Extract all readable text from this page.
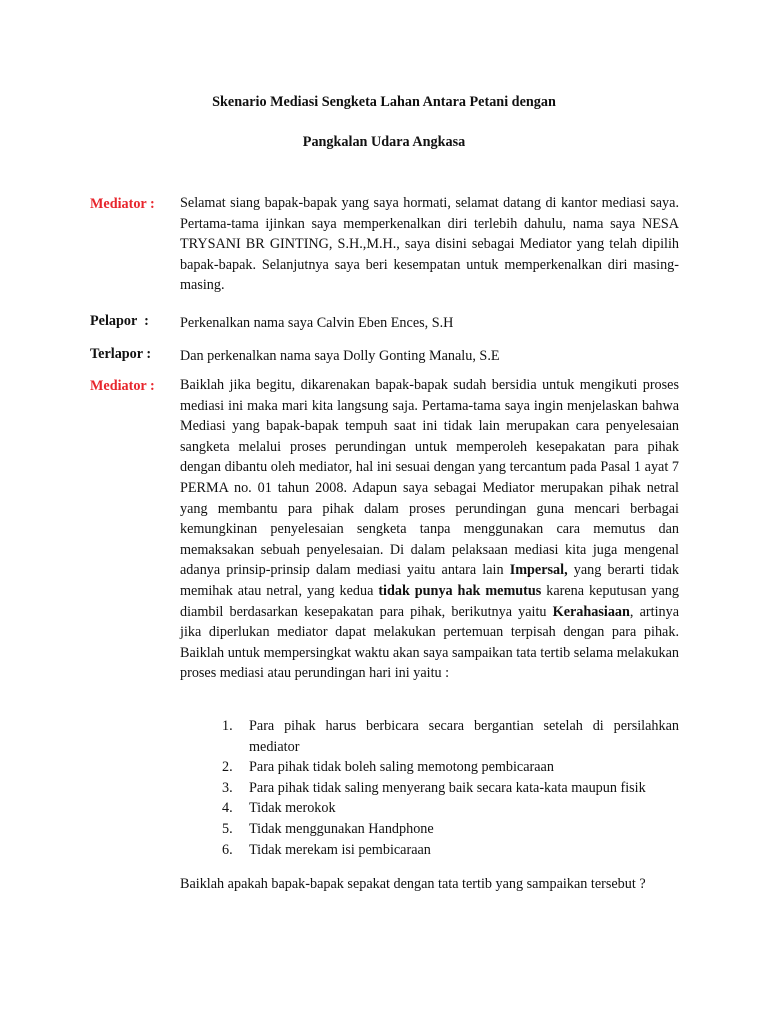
Skenario Mediasi Sengketa Lahan Antara Petani dengan
Pangkalan Udara Angkasa
Mediator : Selamat siang bapak-bapak yang saya hormati, selamat datang di kantor mediasi saya. Pertama-tama ijinkan saya memperkenalkan diri terlebih dahulu, nama saya NESA TRYSANI BR GINTING, S.H.,M.H., saya disini sebagai Mediator yang telah dipilih bapak-bapak. Selanjutnya saya beri kesempatan untuk memperkenalkan diri masing-masing.
Pelapor  : Perkenalkan nama saya Calvin Eben Ences, S.H
Terlapor : Dan perkenalkan nama saya Dolly Gonting Manalu, S.E
Mediator : Baiklah jika begitu, dikarenakan bapak-bapak sudah bersidia untuk mengikuti proses mediasi ini maka mari kita langsung saja. Pertama-tama saya ingin menjelaskan bahwa Mediasi yang bapak-bapak tempuh saat ini tidak lain merupakan cara penyelesaian sangketa melalui proses perundingan untuk memperoleh kesepakatan para pihak dengan dibantu oleh mediator, hal ini sesuai dengan yang tercantum pada Pasal 1 ayat 7 PERMA no. 01 tahun 2008. Adapun saya sebagai Mediator merupakan pihak netral yang membantu para pihak dalam proses perundingan guna mencari berbagai kemungkinan penyelesaian sengketa tanpa menggunakan cara memutus dan memaksakan sebuah penyelesaian. Di dalam pelaksaan mediasi kita juga mengenal adanya prinsip-prinsip dalam mediasi yaitu antara lain Impersal, yang berarti tidak memihak atau netral, yang kedua tidak punya hak memutus karena keputusan yang diambil berdasarkan kesepakatan para pihak, berikutnya yaitu Kerahasiaan, artinya jika diperlukan mediator dapat melakukan pertemuan terpisah dengan para pihak. Baiklah untuk mempersingkat waktu akan saya sampaikan tata tertib selama melakukan proses mediasi atau perundingan hari ini yaitu :
1. Para pihak harus berbicara secara bergantian setelah di persilahkan mediator
2. Para pihak tidak boleh saling memotong pembicaraan
3. Para pihak tidak saling menyerang baik secara kata-kata maupun fisik
4. Tidak merokok
5. Tidak menggunakan Handphone
6. Tidak merekam isi pembicaraan
Baiklah apakah bapak-bapak sepakat dengan tata tertib yang sampaikan tersebut ?
